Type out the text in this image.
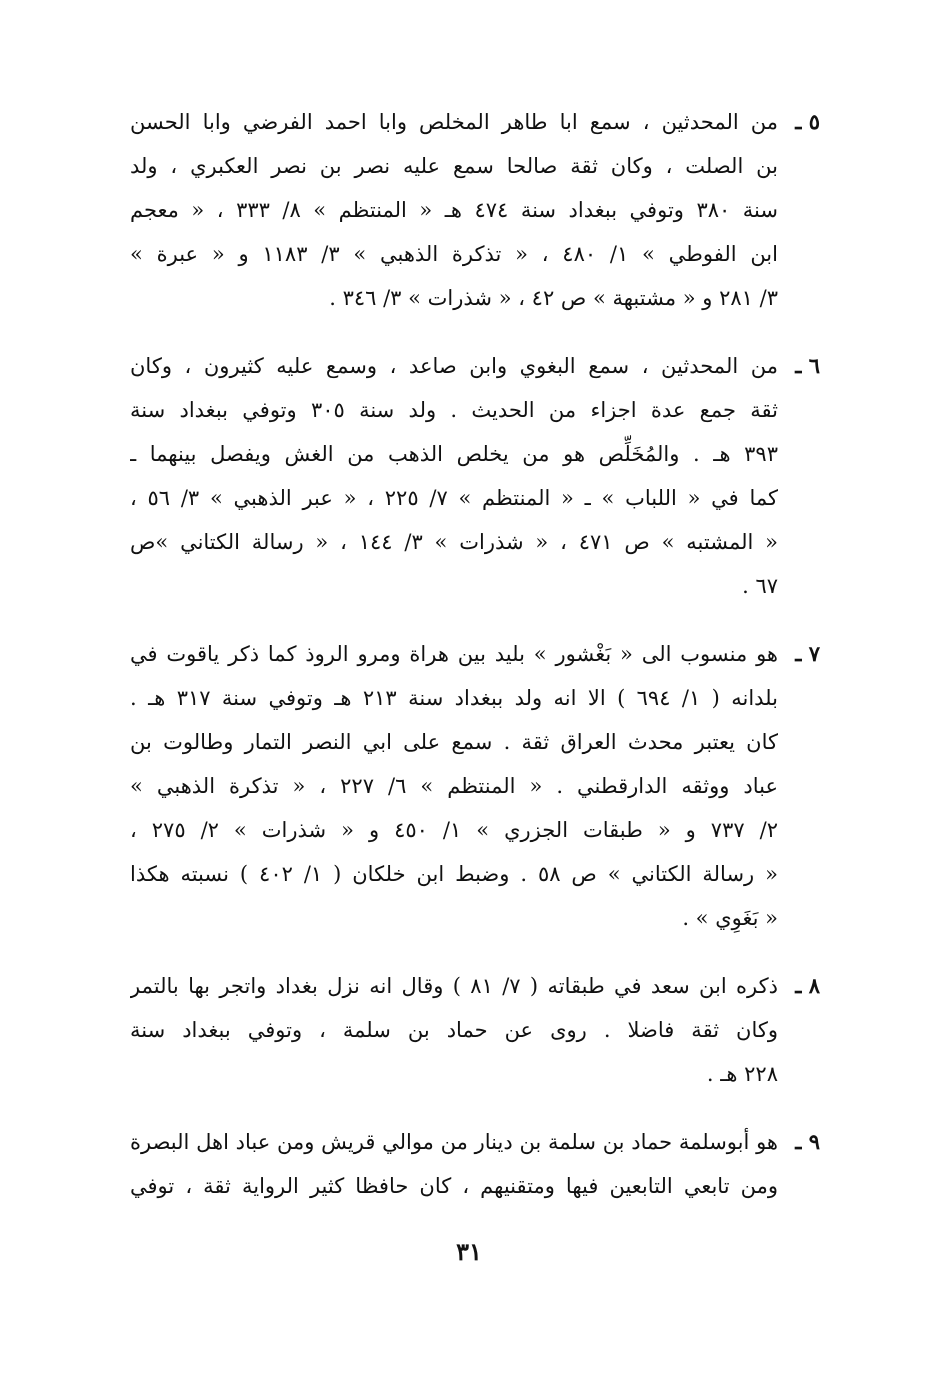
٥ ـ
من المحدثين ، سمع ابا طاهر المخلص وابا احمد الفرضي وابا الحسن
بن الصلت ، وكان ثقة صالحا سمع عليه نصر بن نصر العكبري ، ولد
سنة ٣٨٠ وتوفي ببغداد سنة ٤٧٤ هـ « المنتظم » ٨/ ٣٣٣ ، « معجم
ابن الفوطي » ١/ ٤٨٠ ، « تذكرة الذهبي » ٣/ ١١٨٣ و « عبرة »
٣/ ٢٨١ و « مشتبهة » ص ٤٢ ، « شذرات » ٣/ ٣٤٦ .
٦ ـ
من المحدثين ، سمع البغوي وابن صاعد ، وسمع عليه كثيرون ، وكان
ثقة جمع عدة اجزاء من الحديث . ولد سنة ٣٠٥ وتوفي ببغداد سنة
٣٩٣ هـ . والمُخَلِّص هو من يخلص الذهب من الغش ويفصل بينهما ـ
كما في « اللباب » ـ « المنتظم » ٧/ ٢٢٥ ، « عبر الذهبي » ٣/ ٥٦ ،
« المشتبه » ص ٤٧١ ، « شذرات » ٣/ ١٤٤ ، « رسالة الكتاني »ص
٦٧ .
٧ ـ
هو منسوب الى « بَغْشور » بليد بين هراة ومرو الروذ كما ذكر ياقوت في
بلدانه ( ١/ ٦٩٤ ) الا انه ولد ببغداد سنة ٢١٣ هـ وتوفي سنة ٣١٧ هـ .
كان يعتبر محدث العراق ثقة . سمع على ابي النصر التمار وطالوت بن
عباد ووثقه الدارقطني . « المنتظم » ٦/ ٢٢٧ ، « تذكرة الذهبي »
٢/ ٧٣٧ و « طبقات الجزري » ١/ ٤٥٠ و « شذرات » ٢/ ٢٧٥ ،
« رسالة الكتاني » ص ٥٨ . وضبط ابن خلكان ( ١/ ٤٠٢ ) نسبته هكذا
« بَغَوِي » .
٨ ـ
ذكره ابن سعد في طبقاته ( ٧/ ٨١ ) وقال انه نزل بغداد واتجر بها بالتمر
وكان ثقة فاضلا . روى عن حماد بن سلمة ، وتوفي ببغداد سنة
٢٢٨ هـ .
٩ ـ
هو أبوسلمة حماد بن سلمة بن دينار من موالي قريش ومن عباد اهل البصرة
ومن تابعي التابعين فيها ومتقنيهم ، كان حافظا كثير الرواية ثقة ، توفي
٣١
